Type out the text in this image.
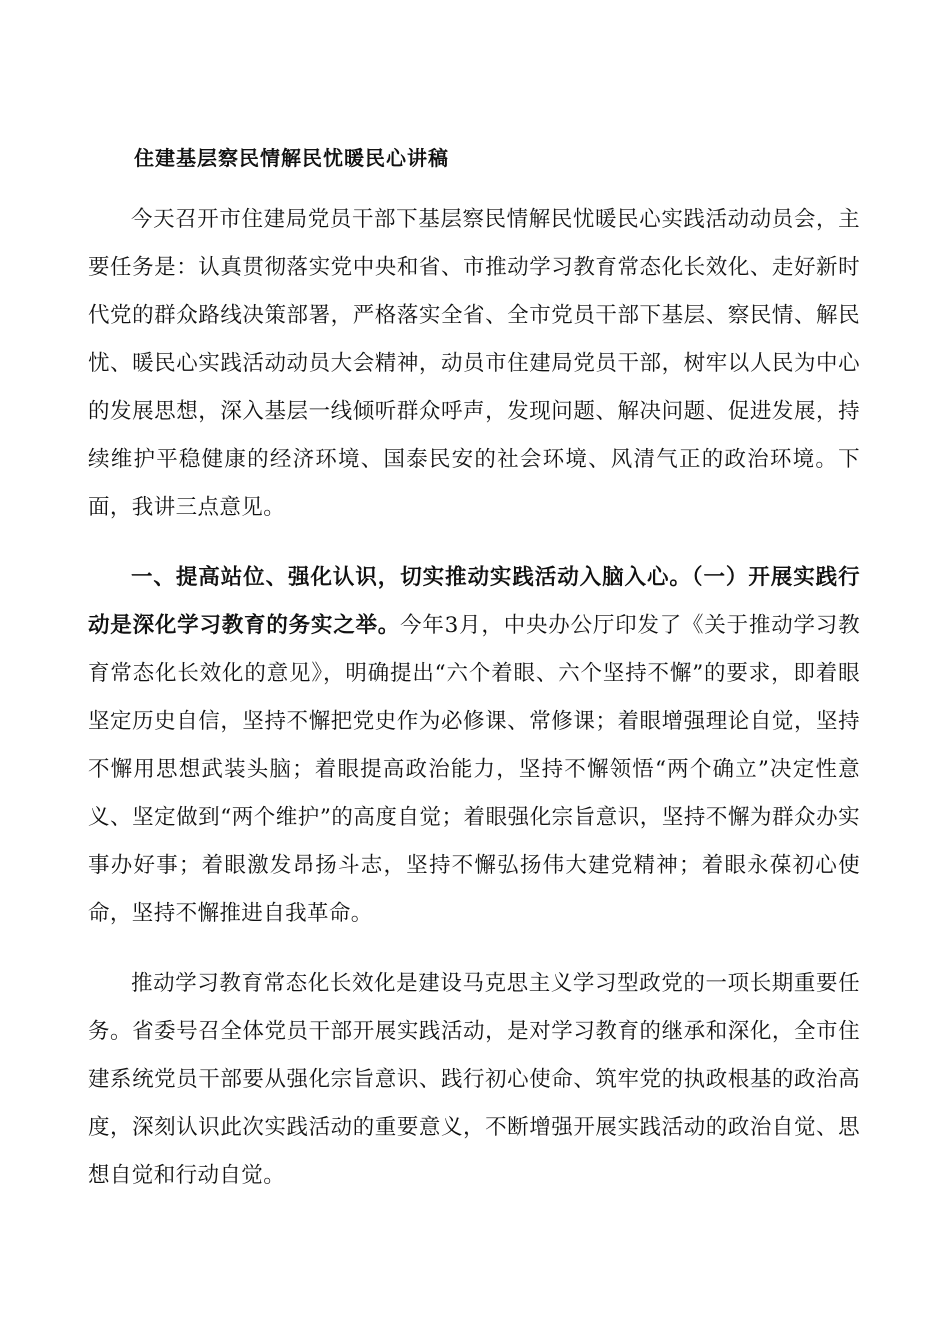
住建基层察民情解民忧暖民心讲稿

今天召开市住建局党员干部下基层察民情解民忧暖民心实践活动动员会，主要任务是：认真贯彻落实党中央和省、市推动学习教育常态化长效化、走好新时代党的群众路线决策部署，严格落实全省、全市党员干部下基层、察民情、解民忧、暖民心实践活动动员大会精神，动员市住建局党员干部，树牢以人民为中心的发展思想，深入基层一线倾听群众呼声，发现问题、解决问题、促进发展，持续维护平稳健康的经济环境、国泰民安的社会环境、风清气正的政治环境。下面，我讲三点意见。

一、提高站位、强化认识，切实推动实践活动入脑入心。（一）开展实践行动是深化学习教育的务实之举。今年3月，中央办公厅印发了《关于推动学习教育常态化长效化的意见》，明确提出“六个着眼、六个坚持不懈”的要求，即着眼坚定历史自信，坚持不懈把党史作为必修课、常修课；着眼增强理论自觉，坚持不懈用思想武装头脑；着眼提高政治能力，坚持不懈领悟“两个确立”决定性意义、坚定做到“两个维护”的高度自觉；着眼强化宗旨意识，坚持不懈为群众办实事办好事；着眼激发昂扬斗志，坚持不懈弘扬伟大建党精神；着眼永葆初心使命，坚持不懈推进自我革命。

推动学习教育常态化长效化是建设马克思主义学习型政党的一项长期重要任务。省委号召全体党员干部开展实践活动，是对学习教育的继承和深化，全市住建系统党员干部要从强化宗旨意识、践行初心使命、筑牢党的执政根基的政治高度，深刻认识此次实践活动的重要意义，不断增强开展实践活动的政治自觉、思想自觉和行动自觉。
